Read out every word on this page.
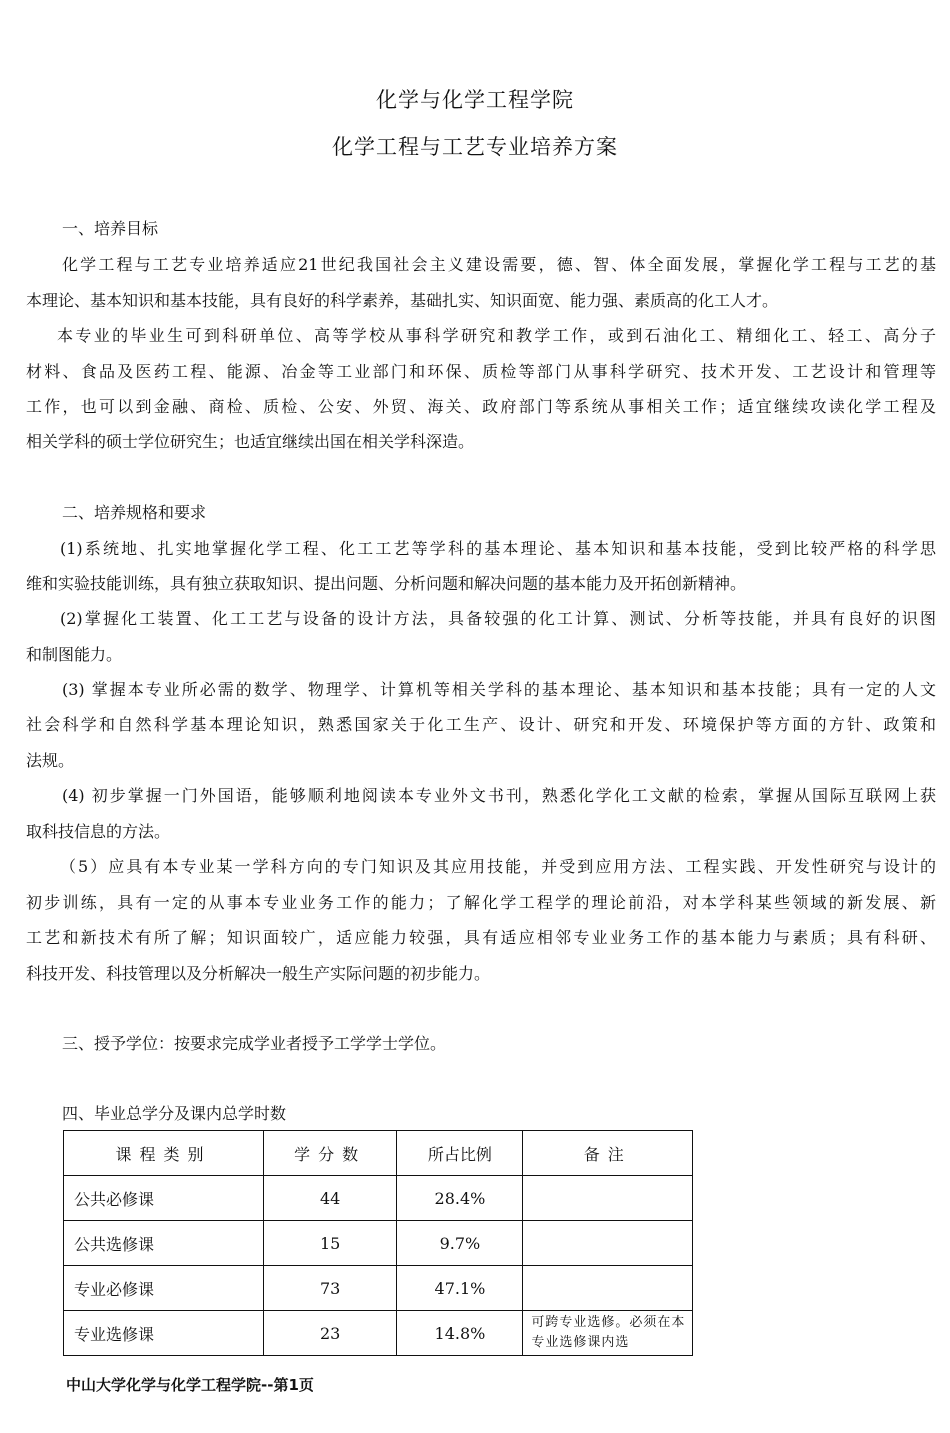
化学与化学工程学院
化学工程与工艺专业培养方案
一、培养目标
化学工程与工艺专业培养适应21世纪我国社会主义建设需要，德、智、体全面发展，掌握化学工程与工艺的基
本理论、基本知识和基本技能，具有良好的科学素养，基础扎实、知识面宽、能力强、素质高的化工人才。
本专业的毕业生可到科研单位、高等学校从事科学研究和教学工作，或到石油化工、精细化工、轻工、高分子
材料、食品及医药工程、能源、冶金等工业部门和环保、质检等部门从事科学研究、技术开发、工艺设计和管理等
工作，也可以到金融、商检、质检、公安、外贸、海关、政府部门等系统从事相关工作；适宜继续攻读化学工程及
相关学科的硕士学位研究生；也适宜继续出国在相关学科深造。
二、培养规格和要求
(1)系统地、扎实地掌握化学工程、化工工艺等学科的基本理论、基本知识和基本技能，受到比较严格的科学思
维和实验技能训练，具有独立获取知识、提出问题、分析问题和解决问题的基本能力及开拓创新精神。
(2)掌握化工装置、化工工艺与设备的设计方法，具备较强的化工计算、测试、分析等技能，并具有良好的识图
和制图能力。
(3) 掌握本专业所必需的数学、物理学、计算机等相关学科的基本理论、基本知识和基本技能；具有一定的人文
社会科学和自然科学基本理论知识，熟悉国家关于化工生产、设计、研究和开发、环境保护等方面的方针、政策和
法规。
(4) 初步掌握一门外国语，能够顺利地阅读本专业外文书刊，熟悉化学化工文献的检索，掌握从国际互联网上获
取科技信息的方法。
（5）应具有本专业某一学科方向的专门知识及其应用技能，并受到应用方法、工程实践、开发性研究与设计的
初步训练，具有一定的从事本专业业务工作的能力；了解化学工程学的理论前沿，对本学科某些领域的新发展、新
工艺和新技术有所了解；知识面较广，适应能力较强，具有适应相邻专业业务工作的基本能力与素质；具有科研、
科技开发、科技管理以及分析解决一般生产实际问题的初步能力。
三、授予学位：按要求完成学业者授予工学学士学位。
四、毕业总学分及课内总学时数
课程类别	学分数	所占比例	备注
公共必修课	44	28.4%	
公共选修课	15	9.7%	
专业必修课	73	47.1%	
专业选修课	23	14.8%	可跨专业选修。必须在本专业选修课内选
中山大学化学与化学工程学院--第1页
